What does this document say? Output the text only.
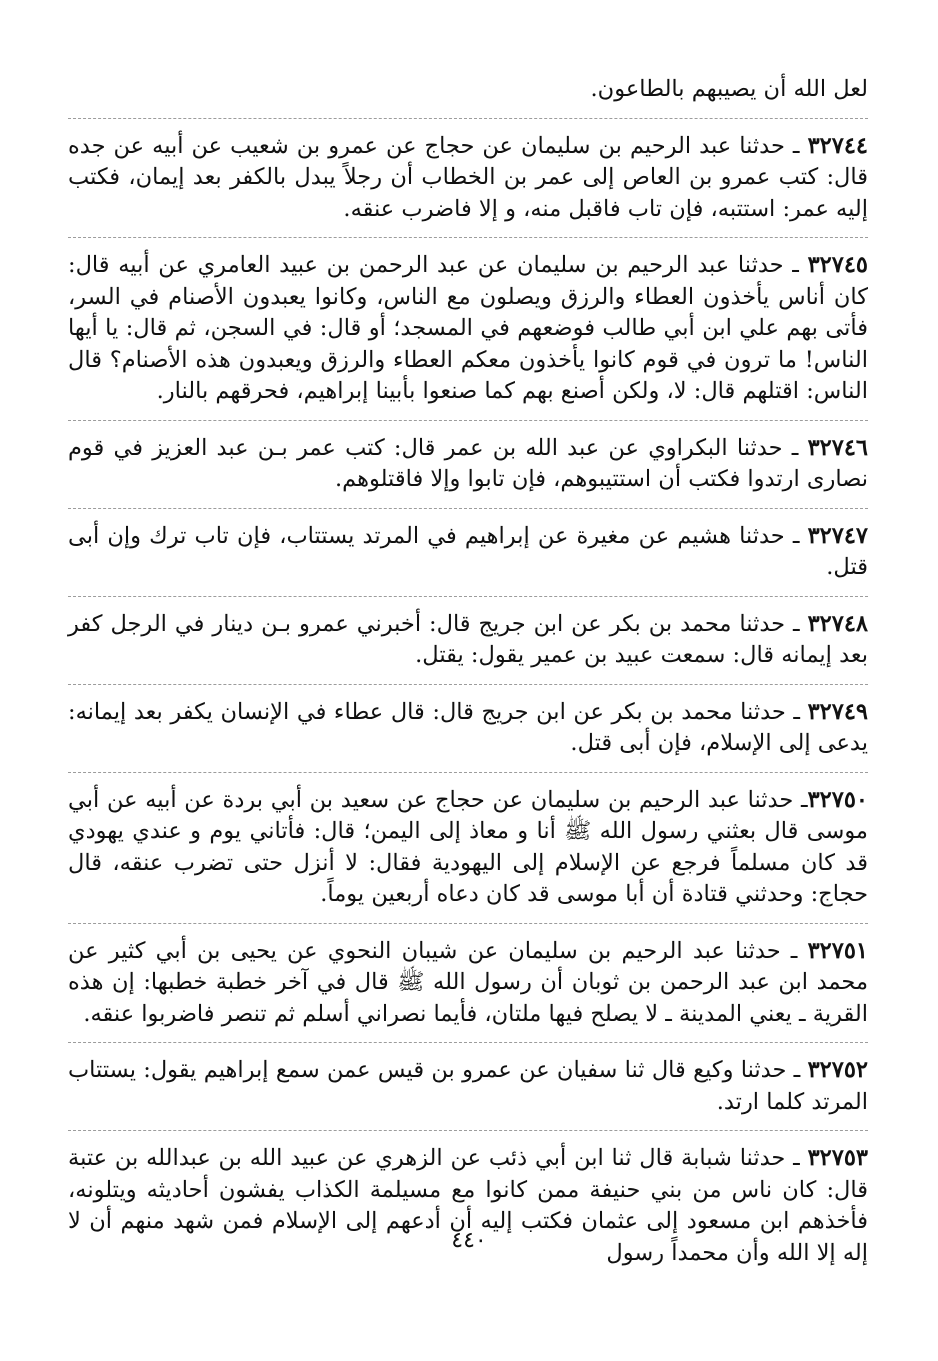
لعل الله أن يصيبهم بالطاعون.

٣٢٧٤٤ ـ حدثنا عبد الرحيم بن سليمان عن حجاج عن عمرو بن شعيب عن أبيه عن جده قال: كتب عمرو بن العاص إلى عمر بن الخطاب أن رجلاً يبدل بالكفر بعد إيمان، فكتب إليه عمر: استتبه، فإن تاب فاقبل منه، و إلا فاضرب عنقه.

٣٢٧٤٥ ـ حدثنا عبد الرحيم بن سليمان عن عبد الرحمن بن عبيد العامري عن أبيه قال: كان أناس يأخذون العطاء والرزق ويصلون مع الناس، وكانوا يعبدون الأصنام في السر، فأتى بهم علي ابن أبي طالب فوضعهم في المسجد؛ أو قال: في السجن، ثم قال: يا أيها الناس! ما ترون في قوم كانوا يأخذون معكم العطاء والرزق ويعبدون هذه الأصنام؟ قال الناس: اقتلهم قال: لا، ولكن أصنع بهم كما صنعوا بأبينا إبراهيم، فحرقهم بالنار.

٣٢٧٤٦ ـ حدثنا البكراوي عن عبد الله بن عمر قال: كتب عمر بـن عبد العزيز في قوم نصارى ارتدوا فكتب أن استتيبوهم، فإن تابوا وإلا فاقتلوهم.

٣٢٧٤٧ ـ حدثنا هشيم عن مغيرة عن إبراهيم في المرتد يستتاب، فإن تاب ترك وإن أبى قتل.

٣٢٧٤٨ ـ حدثنا محمد بن بكر عن ابن جريج قال: أخبرني عمرو بـن دينار في الرجل كفر بعد إيمانه قال: سمعت عبيد بن عمير يقول: يقتل.

٣٢٧٤٩ ـ حدثنا محمد بن بكر عن ابن جريج قال: قال عطاء في الإنسان يكفر بعد إيمانه: يدعى إلى الإسلام، فإن أبى قتل.

٣٢٧٥٠ـ حدثنا عبد الرحيم بن سليمان عن حجاج عن سعيد بن أبي بردة عن أبيه عن أبي موسى قال بعثني رسول الله ﷺ أنا و معاذ إلى اليمن؛ قال: فأتاني يوم و عندي يهودي قد كان مسلماً فرجع عن الإسلام إلى اليهودية فقال: لا أنزل حتى تضرب عنقه، قال حجاج: وحدثني قتادة أن أبا موسى قد كان دعاه أربعين يوماً.

٣٢٧٥١ ـ حدثنا عبد الرحيم بن سليمان عن شيبان النحوي عن يحيى بن أبي كثير عن محمد ابن عبد الرحمن بن ثوبان أن رسول الله ﷺ قال في آخر خطبة خطبها: إن هذه القرية ـ يعني المدينة ـ لا يصلح فيها ملتان، فأيما نصراني أسلم ثم تنصر فاضربوا عنقه.

٣٢٧٥٢ ـ حدثنا وكيع قال ثنا سفيان عن عمرو بن قيس عمن سمع إبراهيم يقول: يستتاب المرتد كلما ارتد.

٣٢٧٥٣ ـ حدثنا شبابة قال ثنا ابن أبي ذئب عن الزهري عن عبيد الله بن عبدالله بن عتبة قال: كان ناس من بني حنيفة ممن كانوا مع مسيلمة الكذاب يفشون أحاديثه ويتلونه، فأخذهم ابن مسعود إلى عثمان فكتب إليه أن أدعهم إلى الإسلام فمن شهد منهم أن لا إله إلا الله وأن محمداً رسول

٤٤٠
